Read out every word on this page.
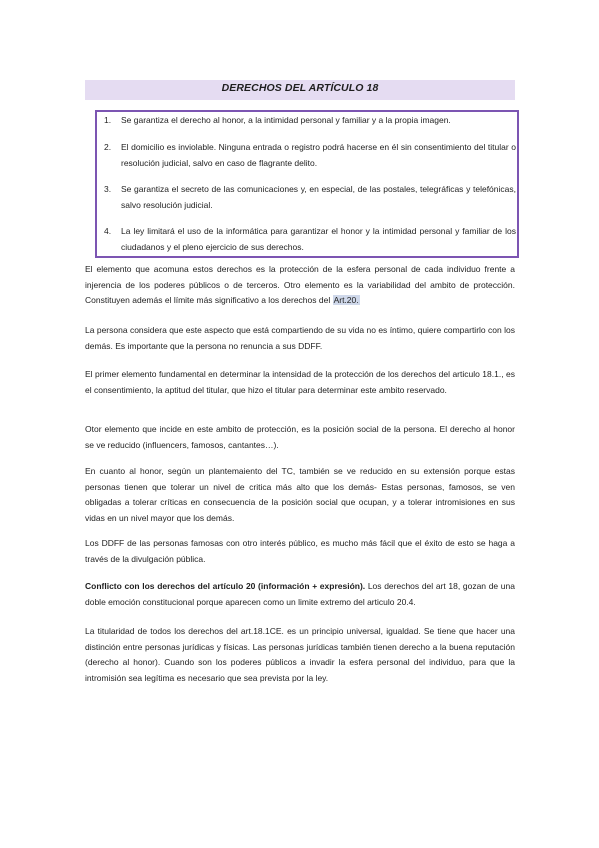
DERECHOS DEL ARTÍCULO 18
1. Se garantiza el derecho al honor, a la intimidad personal y familiar y a la propia imagen.
2. El domicilio es inviolable. Ninguna entrada o registro podrá hacerse en él sin consentimiento del titular o resolución judicial, salvo en caso de flagrante delito.
3. Se garantiza el secreto de las comunicaciones y, en especial, de las postales, telegráficas y telefónicas, salvo resolución judicial.
4. La ley limitará el uso de la informática para garantizar el honor y la intimidad personal y familiar de los ciudadanos y el pleno ejercicio de sus derechos.

El elemento que acomuna estos derechos es la protección de la esfera personal de cada individuo frente a injerencia de los poderes públicos o de terceros. Otro elemento es la variabilidad del ambito de protección. Constituyen además el límite más significativo a los derechos del Art.20.

La persona considera que este aspecto que está compartiendo de su vida no es íntimo, quiere compartirlo con los demás. Es importante que la persona no renuncia a sus DDFF.

El primer elemento fundamental en determinar la intensidad de la protección de los derechos del articulo 18.1., es el consentimiento, la aptitud del titular, que hizo el titular para determinar este ambito reservado.

Otor elemento que incide en este ambito de protección, es la posición social de la persona. El derecho al honor se ve reducido (influencers, famosos, cantantes…).

En cuanto al honor, según un plantemaiento del TC, también se ve reducido en su extensión porque estas personas tienen que tolerar un nivel de critica más alto que los demás- Estas personas, famosos, se ven obligadas a tolerar críticas en consecuencia de la posición social que ocupan, y a tolerar intromisiones en sus vidas en un nivel mayor que los demás.

Los DDFF de las personas famosas con otro interés público, es mucho más fácil que el éxito de esto se haga a través de la divulgación pública.

Conflicto con los derechos del artículo 20 (información + expresión). Los derechos del art 18, gozan de una doble emoción constitucional porque aparecen como un limite extremo del articulo 20.4.

La titularidad de todos los derechos del art.18.1CE. es un principio universal, igualdad. Se tiene que hacer una distinción entre personas jurídicas y físicas. Las personas jurídicas también tienen derecho a la buena reputación (derecho al honor). Cuando son los poderes públicos a invadir la esfera personal del individuo, para que la intromisión sea legítima es necesario que sea prevista por la ley.
